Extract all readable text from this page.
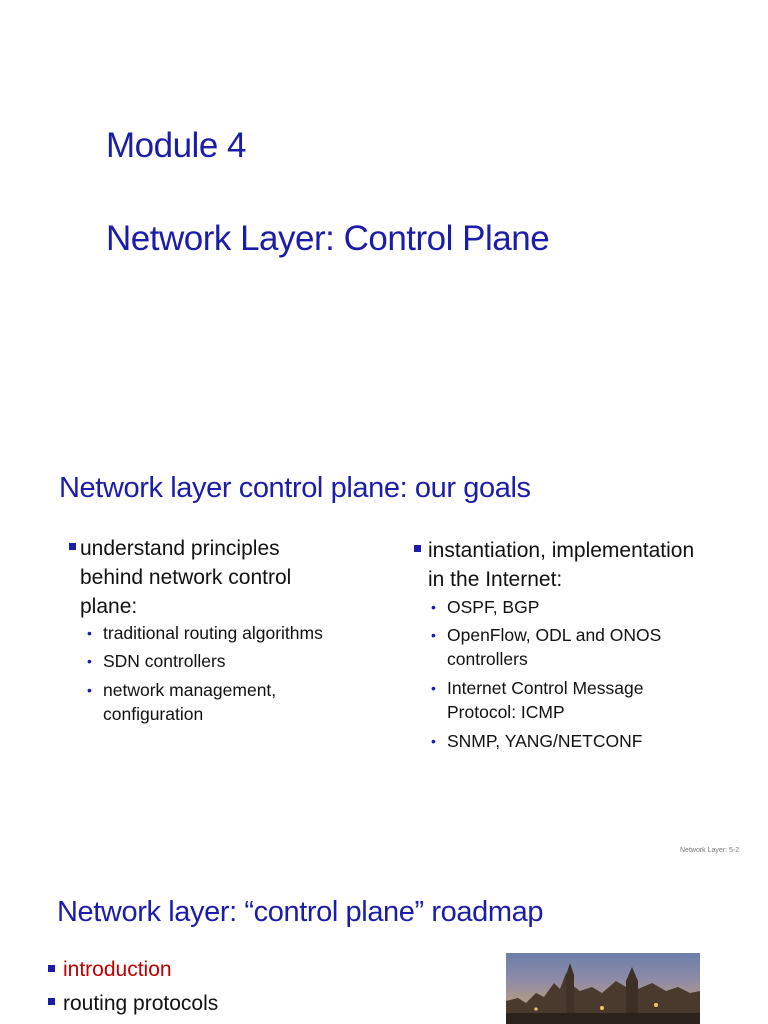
Module 4
Network Layer: Control Plane
Network layer control plane: our goals
understand principles
behind network control
plane:
• traditional routing algorithms
• SDN controllers
• network management,
configuration
instantiation, implementation
in the Internet:
• OSPF, BGP
• OpenFlow, ODL and ONOS
controllers
• Internet Control Message
Protocol: ICMP
• SNMP, YANG/NETCONF
Network Layer: 5-2
Network layer: “control plane” roadmap
introduction
routing protocols
